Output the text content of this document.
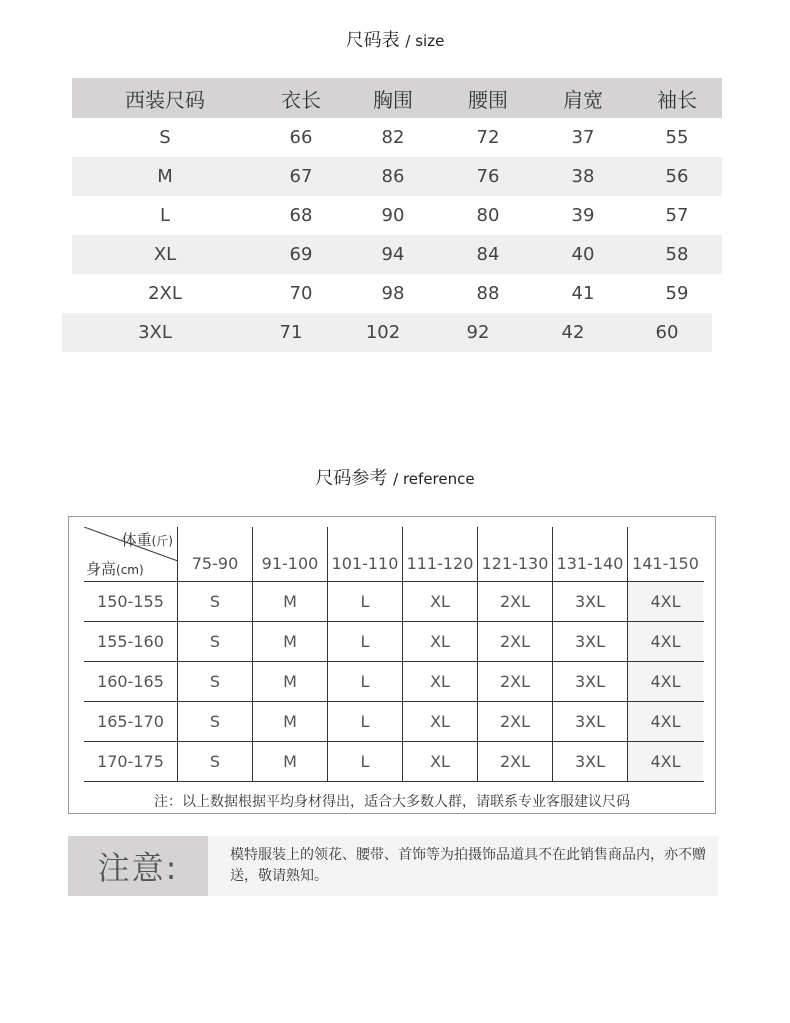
尺码表 / size
西装尺码	衣长	胸围	腰围	肩宽	袖长
S	66	82	72	37	55
M	67	86	76	38	56
L	68	90	80	39	57
XL	69	94	84	40	58
2XL	70	98	88	41	59
3XL	71	102	92	42	60
尺码参考 / reference
体重(斤)
身高(cm)	75-90	91-100 101-110 111-120 121-130 131-140 141-150
150-155	S	M	L	XL	2XL	3XL	4XL
155-160	S	M	L	XL	2XL	3XL	4XL
160-165	S	M	L	XL	2XL	3XL	4XL
165-170	S	M	L	XL	2XL	3XL	4XL
170-175	S	M	L	XL	2XL	3XL	4XL
注：以上数据根据平均身材得出，适合大多数人群，请联系专业客服建议尺码
注意:	模特服装上的领花、腰带、首饰等为拍摄饰品道具不在此销售商品内，亦不赠送，敬请熟知。
